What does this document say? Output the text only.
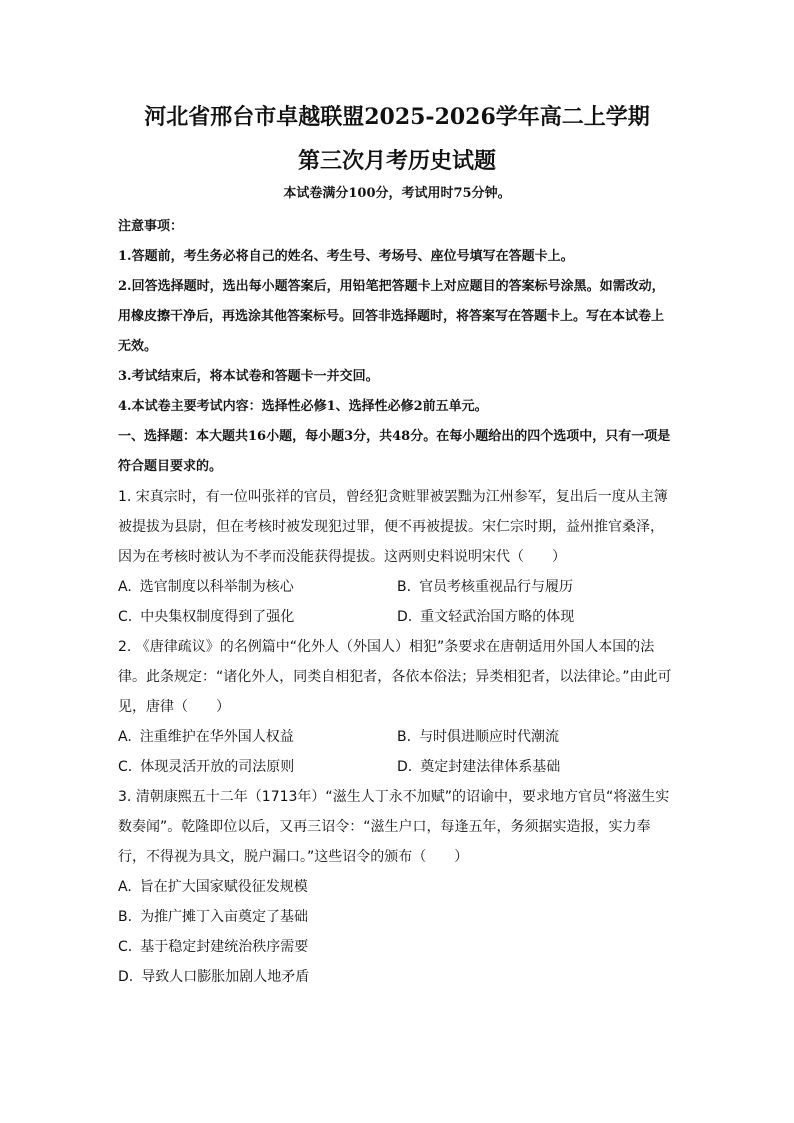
河北省邢台市卓越联盟2025-2026学年高二上学期
第三次月考历史试题

本试卷满分100分，考试用时75分钟。

注意事项：

1.答题前，考生务必将自己的姓名、考生号、考场号、座位号填写在答题卡上。

2.回答选择题时，选出每小题答案后，用铅笔把答题卡上对应题目的答案标号涂黑。如需改动，用橡皮擦干净后，再选涂其他答案标号。回答非选择题时，将答案写在答题卡上。写在本试卷上无效。

3.考试结束后，将本试卷和答题卡一并交回。

4.本试卷主要考试内容：选择性必修1、选择性必修2前五单元。

一、选择题：本大题共16小题，每小题3分，共48分。在每小题给出的四个选项中，只有一项是符合题目要求的。

1. 宋真宗时，有一位叫张祥的官员，曾经犯贪赃罪被罢黜为江州参军，复出后一度从主簿被提拔为县尉，但在考核时被发现犯过罪，便不再被提拔。宋仁宗时期，益州推官桑泽，因为在考核时被认为不孝而没能获得提拔。这两则史料说明宋代（　　）

A. 选官制度以科举制为核心	B. 官员考核重视品行与履历
C. 中央集权制度得到了强化	D. 重文轻武治国方略的体现

2. 《唐律疏议》的名例篇中“化外人（外国人）相犯”条要求在唐朝适用外国人本国的法律。此条规定：“诸化外人，同类自相犯者，各依本俗法；异类相犯者，以法律论。”由此可见，唐律（　　）

A. 注重维护在华外国人权益	B. 与时俱进顺应时代潮流
C. 体现灵活开放的司法原则	D. 奠定封建法律体系基础

3. 清朝康熙五十二年（1713年）“滋生人丁永不加赋”的诏谕中，要求地方官员“将滋生实数奏闻”。乾隆即位以后，又再三诏令：“滋生户口，每逢五年，务须据实造报，实力奉行，不得视为具文，脱户漏口。”这些诏令的颁布（　　）

A. 旨在扩大国家赋役征发规模
B. 为推广摊丁入亩奠定了基础
C. 基于稳定封建统治秩序需要
D. 导致人口膨胀加剧人地矛盾
